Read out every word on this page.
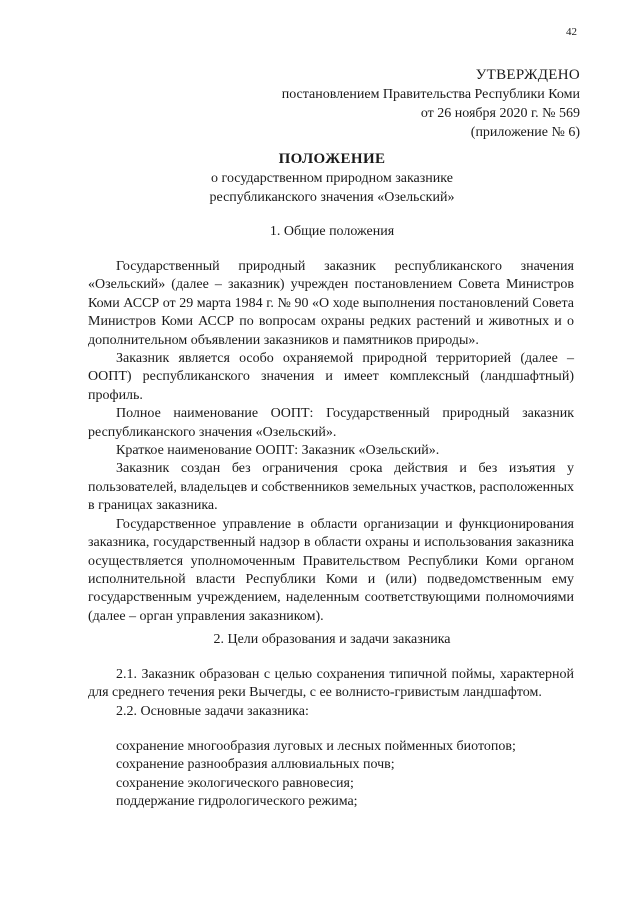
42
УТВЕРЖДЕНО
постановлением Правительства Республики Коми
от 26 ноября 2020 г. № 569
(приложение № 6)
ПОЛОЖЕНИЕ
о государственном природном заказнике
республиканского значения «Озельский»
1. Общие положения

Государственный природный заказник республиканского значения «Озельский» (далее – заказник) учрежден постановлением Совета Министров Коми АССР от 29 марта 1984 г. № 90 «О ходе выполнения постановлений Совета Министров Коми АССР по вопросам охраны редких растений и животных и о дополнительном объявлении заказников и памятников природы».

Заказник является особо охраняемой природной территорией (далее – ООПТ) республиканского значения и имеет комплексный (ландшафтный) профиль.

Полное наименование ООПТ: Государственный природный заказник республиканского значения «Озельский».

Краткое наименование ООПТ: Заказник «Озельский».

Заказник создан без ограничения срока действия и без изъятия у пользователей, владельцев и собственников земельных участков, расположенных в границах заказника.

Государственное управление в области организации и функционирования заказника, государственный надзор в области охраны и использования заказника осуществляется уполномоченным Правительством Республики Коми органом исполнительной власти Республики Коми и (или) подведомственным ему государственным учреждением, наделенным соответствующими полномочиями (далее – орган управления заказником).

2. Цели образования и задачи заказника

2.1. Заказник образован с целью сохранения типичной поймы, характерной для среднего течения реки Вычегды, с ее волнисто-гривистым ландшафтом.

2.2. Основные задачи заказника:

сохранение многообразия луговых и лесных пойменных биотопов;

сохранение разнообразия аллювиальных почв;

сохранение экологического равновесия;

поддержание гидрологического режима;
